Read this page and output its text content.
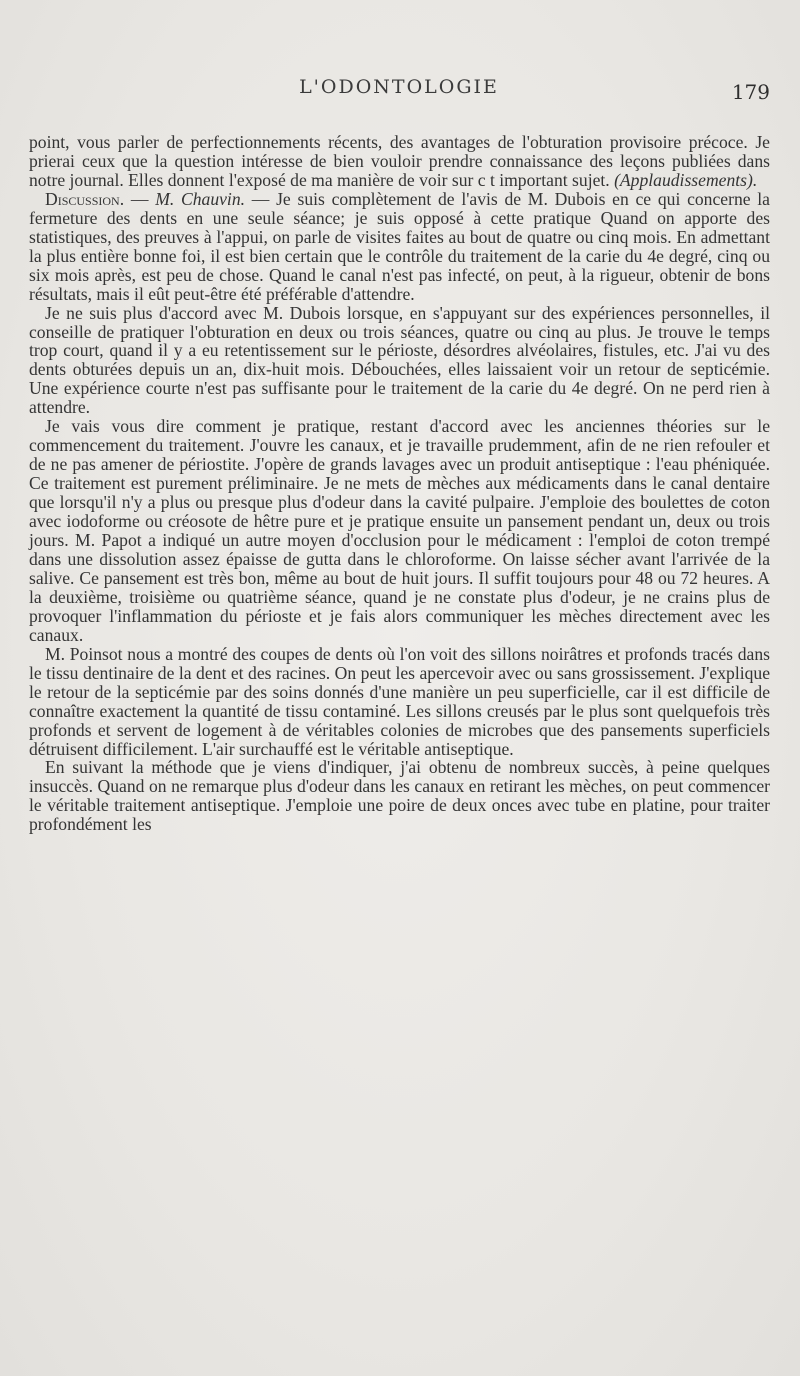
L'ODONTOLOGIE	179

point, vous parler de perfectionnements récents, des avantages de l'obturation provisoire précoce. Je prierai ceux que la question intéresse de bien vouloir prendre connaissance des leçons publiées dans notre journal. Elles donnent l'exposé de ma manière de voir sur c t important sujet. (Applaudissements).

Discussion. — M. Chauvin. — Je suis complètement de l'avis de M. Dubois en ce qui concerne la fermeture des dents en une seule séance; je suis opposé à cette pratique Quand on apporte des statistiques, des preuves à l'appui, on parle de visites faites au bout de quatre ou cinq mois. En admettant la plus entière bonne foi, il est bien certain que le contrôle du traitement de la carie du 4e degré, cinq ou six mois après, est peu de chose. Quand le canal n'est pas infecté, on peut, à la rigueur, obtenir de bons résultats, mais il eût peut-être été préférable d'attendre.

Je ne suis plus d'accord avec M. Dubois lorsque, en s'appuyant sur des expériences personnelles, il conseille de pratiquer l'obturation en deux ou trois séances, quatre ou cinq au plus. Je trouve le temps trop court, quand il y a eu retentissement sur le périoste, désordres alvéolaires, fistules, etc. J'ai vu des dents obturées depuis un an, dix-huit mois. Débouchées, elles laissaient voir un retour de septicémie. Une expérience courte n'est pas suffisante pour le traitement de la carie du 4e degré. On ne perd rien à attendre.

Je vais vous dire comment je pratique, restant d'accord avec les anciennes théories sur le commencement du traitement. J'ouvre les canaux, et je travaille prudemment, afin de ne rien refouler et de ne pas amener de périostite. J'opère de grands lavages avec un produit antiseptique : l'eau phéniquée. Ce traitement est purement préliminaire. Je ne mets de mèches aux médicaments dans le canal dentaire que lorsqu'il n'y a plus ou presque plus d'odeur dans la cavité pulpaire. J'emploie des boulettes de coton avec iodoforme ou créosote de hêtre pure et je pratique ensuite un pansement pendant un, deux ou trois jours. M. Papot a indiqué un autre moyen d'occlusion pour le médicament : l'emploi de coton trempé dans une dissolution assez épaisse de gutta dans le chloroforme. On laisse sécher avant l'arrivée de la salive. Ce pansement est très bon, même au bout de huit jours. Il suffit toujours pour 48 ou 72 heures. A la deuxième, troisième ou quatrième séance, quand je ne constate plus d'odeur, je ne crains plus de provoquer l'inflammation du périoste et je fais alors communiquer les mèches directement avec les canaux.

M. Poinsot nous a montré des coupes de dents où l'on voit des sillons noirâtres et profonds tracés dans le tissu dentinaire de la dent et des racines. On peut les apercevoir avec ou sans grossissement. J'explique le retour de la septicémie par des soins donnés d'une manière un peu superficielle, car il est difficile de connaître exactement la quantité de tissu contaminé. Les sillons creusés par le plus sont quelquefois très profonds et servent de logement à de véritables colonies de microbes que des pansements superficiels détruisent difficilement. L'air surchauffé est le véritable antiseptique.

En suivant la méthode que je viens d'indiquer, j'ai obtenu de nombreux succès, à peine quelques insuccès. Quand on ne remarque plus d'odeur dans les canaux en retirant les mèches, on peut commencer le véritable traitement antiseptique. J'emploie une poire de deux onces avec tube en platine, pour traiter profondément les
